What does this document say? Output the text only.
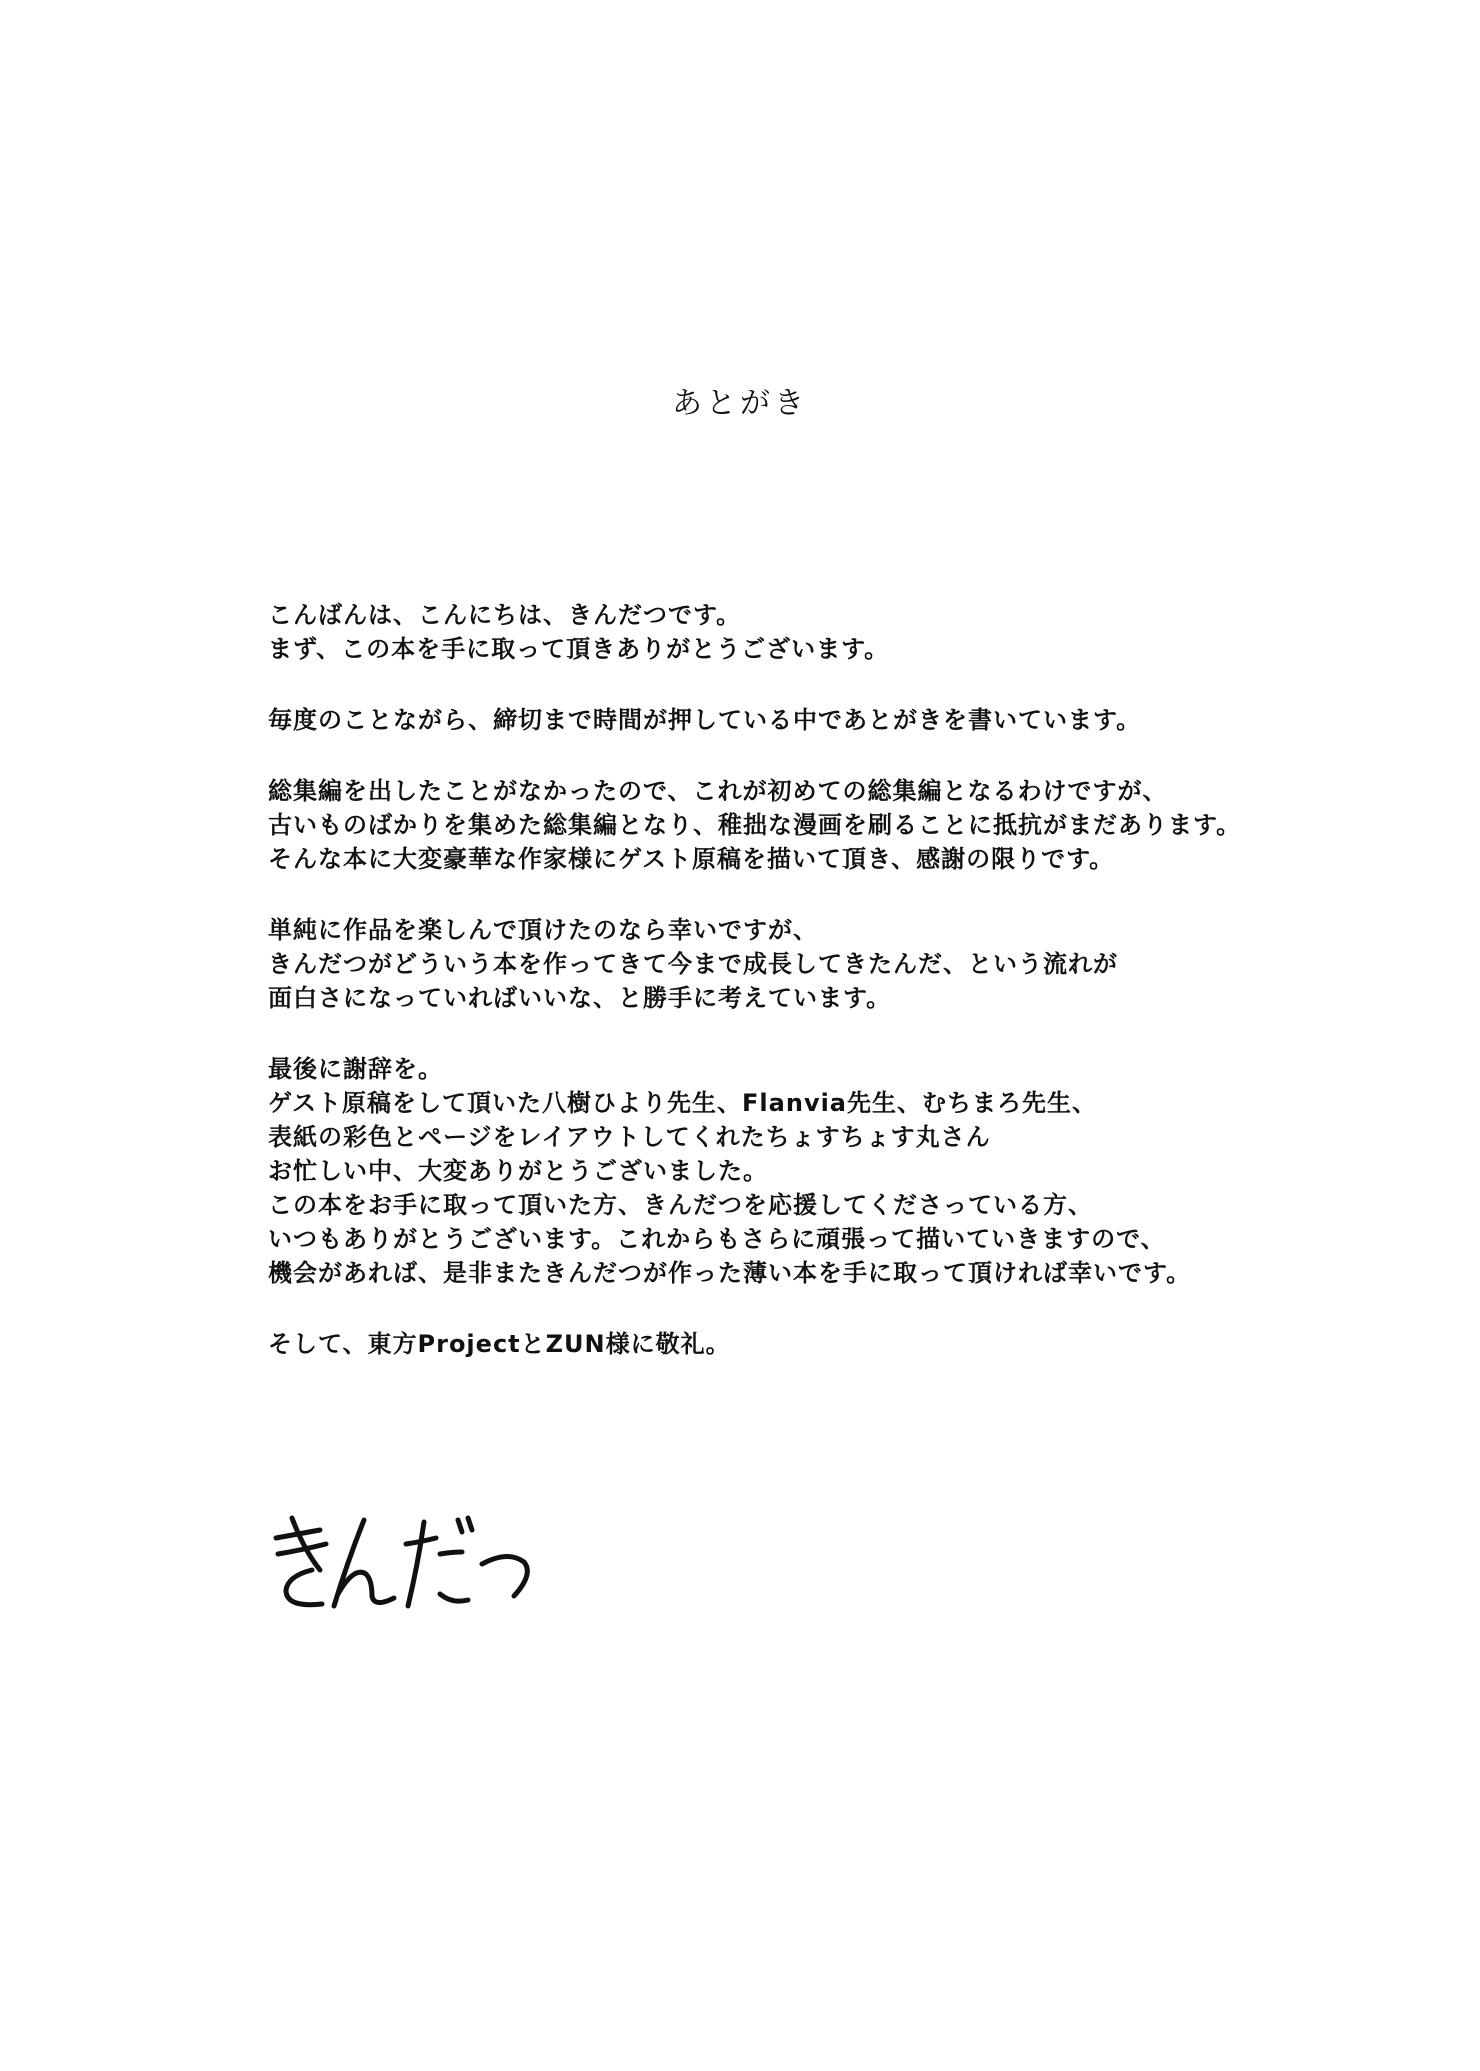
あとがき
こんばんは、こんにちは、きんだつです。
まず、この本を手に取って頂きありがとうございます。
毎度のことながら、締切まで時間が押している中であとがきを書いています。
総集編を出したことがなかったので、これが初めての総集編となるわけですが、
古いものばかりを集めた総集編となり、稚拙な漫画を刷ることに抵抗がまだあります。
そんな本に大変豪華な作家様にゲスト原稿を描いて頂き、感謝の限りです。
単純に作品を楽しんで頂けたのなら幸いですが、
きんだつがどういう本を作ってきて今まで成長してきたんだ、という流れが
面白さになっていればいいな、と勝手に考えています。
最後に謝辞を。
ゲスト原稿をして頂いた八樹ひより先生、Flanvia先生、むちまろ先生、
表紙の彩色とページをレイアウトしてくれたちょすちょす丸さん
お忙しい中、大変ありがとうございました。
この本をお手に取って頂いた方、きんだつを応援してくださっている方、
いつもありがとうございます。これからもさらに頑張って描いていきますので、
機会があれば、是非またきんだつが作った薄い本を手に取って頂ければ幸いです。
そして、東方ProjectとZUN様に敬礼。
